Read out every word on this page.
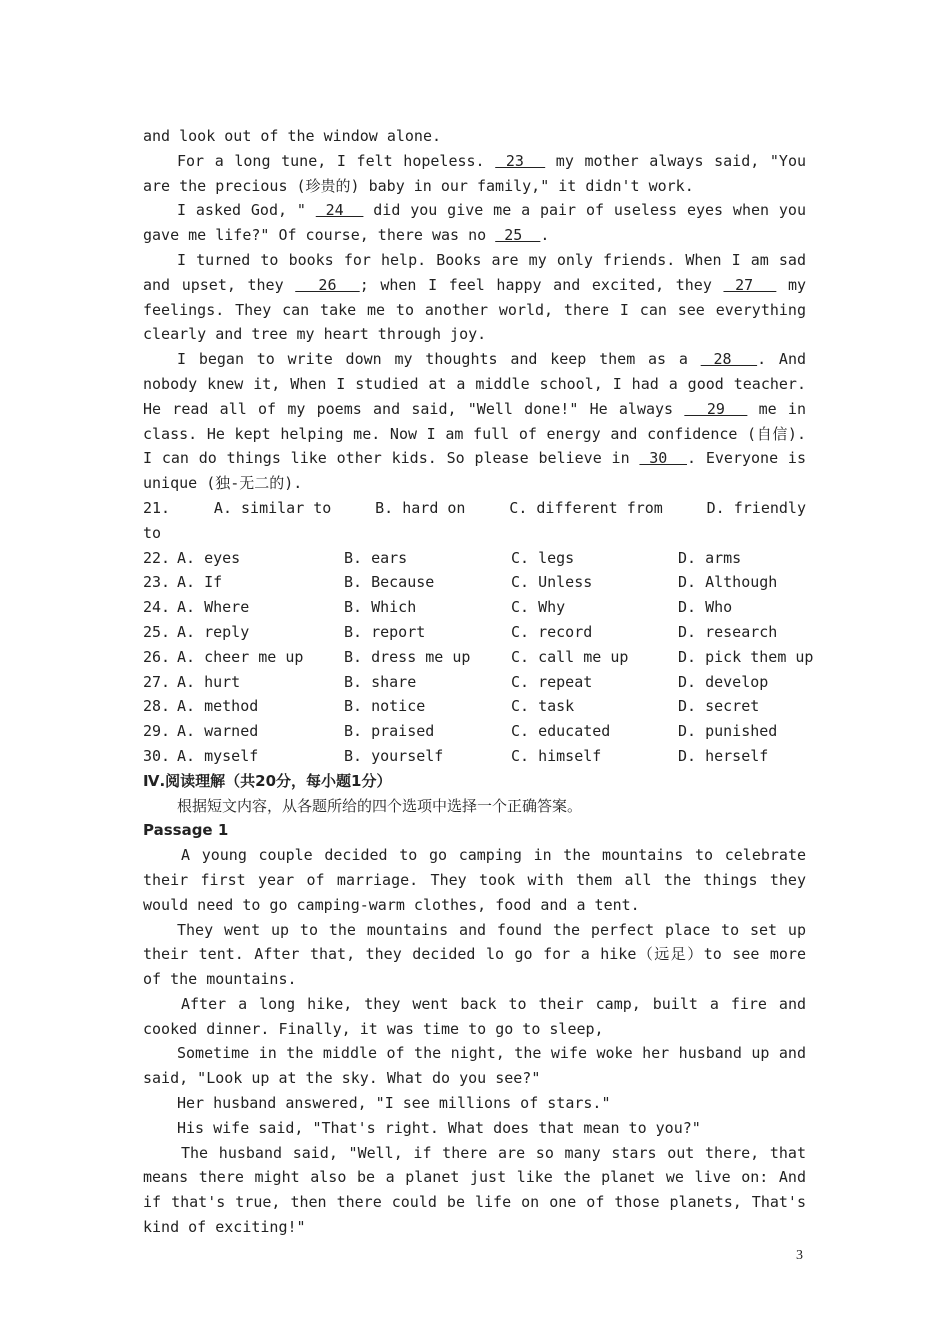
and look out of the window alone.

For a long tune, I felt hopeless.  23   my mother always said, "You are the precious (珍贵的) baby in our family," it didn't work.

I asked God, "  24   did you give me a pair of useless eyes when you gave me life?" Of course, there was no  25  .

I turned to books for help. Books are my only friends. When I am sad and upset, they   26  ; when I feel happy and excited, they  27   my feelings. They can take me to another world, there I can see everything clearly and tree my heart through joy.

I began to write down my thoughts and keep them as a  28  . And nobody knew it, When I studied at a middle school, I had a good teacher. He read all of my poems and said, "Well done!" He always   29   me in class. He kept helping me. Now I am full of energy and confidence (自信). I can do things like other kids. So please believe in  30  . Everyone is unique (独-无二的).

21.	A. similar to	B. hard on	C. different from	D. friendly
to
22. A. eyes	B. ears	C. legs	D. arms
23. A. If	B. Because	C. Unless	D. Although
24. A. Where	B. Which	C. Why	D. Who
25. A. reply	B. report	C. record	D. research
26. A. cheer me up	B. dress me up	C. call me up	D. pick them up
27. A. hurt	B. share	C. repeat	D. develop
28. A. method	B. notice	C. task	D. secret
29. A. warned	B. praised	C. educated	D. punished
30. A. myself	B. yourself	C. himself	D. herself

Ⅳ.阅读理解（共20分，每小题1分）

根据短文内容，从各题所给的四个选项中选择一个正确答案。

Passage 1

A young couple decided to go camping in the mountains to celebrate their first year of marriage. They took with them all the things they would need to go camping-warm clothes, food and a tent.

They went up to the mountains and found the perfect place to set up their tent. After that, they decided lo go for a hike（远足）to see more of the mountains.

After a long hike, they went back to their camp, built a fire and cooked dinner. Finally, it was time to go to sleep,

Sometime in the middle of the night, the wife woke her husband up and said, "Look up at the sky. What do you see?"

Her husband answered, "I see millions of stars."

His wife said, "That's right. What does that mean to you?"

The husband said, "Well, if there are so many stars out there, that means there might also be a planet just like the planet we live on: And if that's true, then there could be life on one of those planets, That's kind of exciting!"

3
